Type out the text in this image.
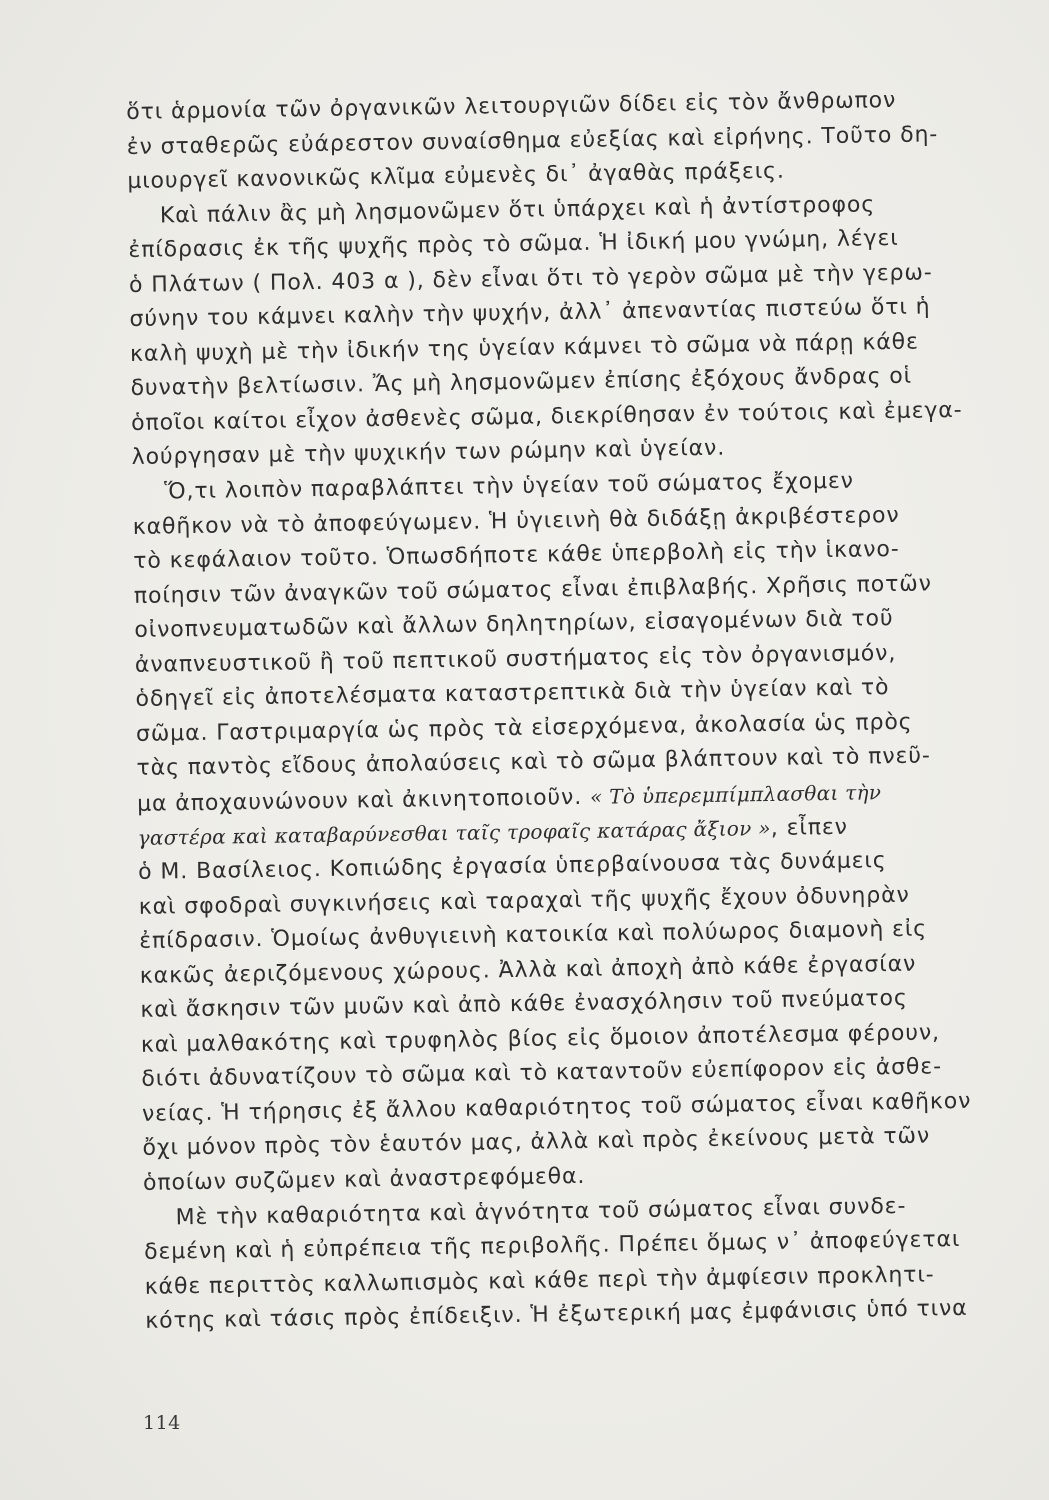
ὅτι ἁρμονία τῶν ὀργανικῶν λειτουργιῶν δίδει εἰς τὸν ἄνθρωπον
ἐν σταθερῶς εὐάρεστον συναίσθημα εὐεξίας καὶ εἰρήνης. Τοῦτο δη-
μιουργεῖ κανονικῶς κλῖμα εὐμενὲς δι᾽ ἀγαθὰς πράξεις.
Καὶ πάλιν ἂς μὴ λησμονῶμεν ὅτι ὑπάρχει καὶ ἡ ἀντίστροφος
ἐπίδρασις ἐκ τῆς ψυχῆς πρὸς τὸ σῶμα. Ἡ ἰδική μου γνώμη, λέγει
ὁ Πλάτων ( Πολ. 403 α ), δὲν εἶναι ὅτι τὸ γερὸν σῶμα μὲ τὴν γερω-
σύνην του κάμνει καλὴν τὴν ψυχήν, ἀλλ᾽ ἀπεναντίας πιστεύω ὅτι ἡ
καλὴ ψυχὴ μὲ τὴν ἰδικήν της ὑγείαν κάμνει τὸ σῶμα νὰ πάρῃ κάθε
δυνατὴν βελτίωσιν. Ἄς μὴ λησμονῶμεν ἐπίσης ἐξόχους ἄνδρας οἱ
ὁποῖοι καίτοι εἶχον ἀσθενὲς σῶμα, διεκρίθησαν ἐν τούτοις καὶ ἐμεγα-
λούργησαν μὲ τὴν ψυχικήν των ρώμην καὶ ὑγείαν.
Ὅ,τι λοιπὸν παραβλάπτει τὴν ὑγείαν τοῦ σώματος ἔχομεν
καθῆκον νὰ τὸ ἀποφεύγωμεν. Ἡ ὑγιεινὴ θὰ διδάξῃ ἀκριβέστερον
τὸ κεφάλαιον τοῦτο. Ὁπωσδήποτε κάθε ὑπερβολὴ εἰς τὴν ἱκανο-
ποίησιν τῶν ἀναγκῶν τοῦ σώματος εἶναι ἐπιβλαβής. Χρῆσις ποτῶν
οἰνοπνευματωδῶν καὶ ἄλλων δηλητηρίων, εἰσαγομένων διὰ τοῦ
ἀναπνευστικοῦ ἢ τοῦ πεπτικοῦ συστήματος εἰς τὸν ὀργανισμόν,
ὁδηγεῖ εἰς ἀποτελέσματα καταστρεπτικὰ διὰ τὴν ὑγείαν καὶ τὸ
σῶμα. Γαστριμαργία ὡς πρὸς τὰ εἰσερχόμενα, ἀκολασία ὡς πρὸς
τὰς παντὸς εἴδους ἀπολαύσεις καὶ τὸ σῶμα βλάπτουν καὶ τὸ πνεῦ-
μα ἀποχαυνώνουν καὶ ἀκινητοποιοῦν. « Τὸ ὑπερεμπίμπλασθαι τὴν
γαστέρα καὶ καταβαρύνεσθαι ταῖς τροφαῖς κατάρας ἄξιον », εἶπεν
ὁ Μ. Βασίλειος. Κοπιώδης ἐργασία ὑπερβαίνουσα τὰς δυνάμεις
καὶ σφοδραὶ συγκινήσεις καὶ ταραχαὶ τῆς ψυχῆς ἔχουν ὀδυνηρὰν
ἐπίδρασιν. Ὁμοίως ἀνθυγιεινὴ κατοικία καὶ πολύωρος διαμονὴ εἰς
κακῶς ἀεριζόμενους χώρους. Ἀλλὰ καὶ ἀποχὴ ἀπὸ κάθε ἐργασίαν
καὶ ἄσκησιν τῶν μυῶν καὶ ἀπὸ κάθε ἐνασχόλησιν τοῦ πνεύματος
καὶ μαλθακότης καὶ τρυφηλὸς βίος εἰς ὅμοιον ἀποτέλεσμα φέρουν,
διότι ἀδυνατίζουν τὸ σῶμα καὶ τὸ καταντοῦν εὐεπίφορον εἰς ἀσθε-
νείας. Ἡ τήρησις ἐξ ἄλλου καθαριότητος τοῦ σώματος εἶναι καθῆκον
ὄχι μόνον πρὸς τὸν ἑαυτόν μας, ἀλλὰ καὶ πρὸς ἐκείνους μετὰ τῶν
ὁποίων συζῶμεν καὶ ἀναστρεφόμεθα.
Μὲ τὴν καθαριότητα καὶ ἁγνότητα τοῦ σώματος εἶναι συνδε-
δεμένη καὶ ἡ εὐπρέπεια τῆς περιβολῆς. Πρέπει ὅμως ν᾽ ἀποφεύγεται
κάθε περιττὸς καλλωπισμὸς καὶ κάθε περὶ τὴν ἀμφίεσιν προκλητι-
κότης καὶ τάσις πρὸς ἐπίδειξιν. Ἡ ἐξωτερική μας ἐμφάνισις ὑπό τινα
114
